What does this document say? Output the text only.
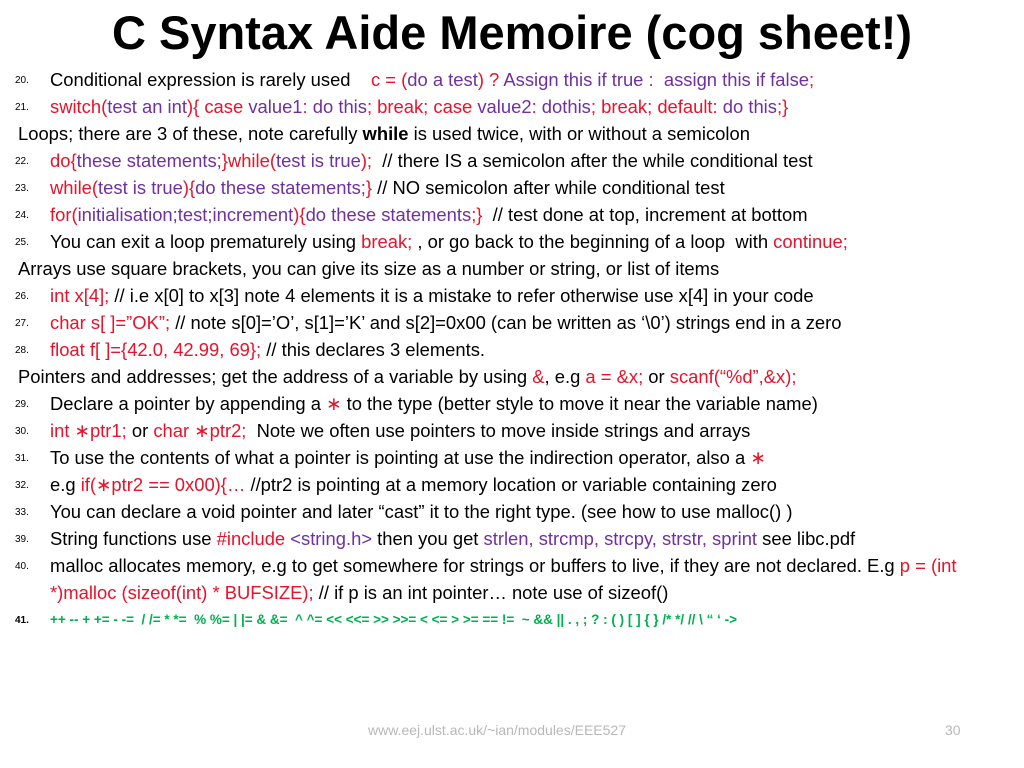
C Syntax Aide Memoire (cog sheet!)
20. Conditional expression is rarely used    c = (do a test) ? Assign this if true :  assign this if false;
21. switch(test an int){ case value1: do this; break; case value2: dothis; break; default: do this;}
Loops; there are 3 of these, note carefully while is used twice, with or without a semicolon
22. do{these statements;}while(test is true);  // there IS a semicolon after the while conditional test
23. while(test is true){do these statements;} // NO semicolon after while conditional test
24. for(initialisation;test;increment){do these statements;}  // test done at top, increment at bottom
25. You can exit a loop prematurely using break; , or go back to the beginning of a loop  with continue;
Arrays use square brackets, you can give its size as a number or string, or list of items
26. int x[4]; // i.e x[0] to x[3] note 4 elements it is a mistake to refer otherwise use x[4] in your code
27. char s[ ]=”OK”; // note s[0]=’O’, s[1]=’K’ and s[2]=0x00 (can be written as ‘\0’) strings end in a zero
28. float f[ ]={42.0, 42.99, 69}; // this declares 3 elements.
Pointers and addresses; get the address of a variable by using &, e.g a = &x; or scanf(“%d”,&x);
29. Declare a pointer by appending a ∗ to the type (better style to move it near the variable name)
30. int ∗ptr1; or char ∗ptr2;  Note we often use pointers to move inside strings and arrays
31. To use the contents of what a pointer is pointing at use the indirection operator, also a ∗
32. e.g if(∗ptr2 == 0x00){… //ptr2 is pointing at a memory location or variable containing zero
33. You can declare a void pointer and later “cast” it to the right type. (see how to use malloc() )
39. String functions use #include <string.h> then you get strlen, strcmp, strcpy, strstr, sprint see libc.pdf
40. malloc allocates memory, e.g to get somewhere for strings or buffers to live, if they are not declared. E.g p = (int *)malloc (sizeof(int) * BUFSIZE); // if p is an int pointer… note use of sizeof()
41. ++ -- + += - -=  / /= * *=  % %= | |= & &=  ^ ^= << <<= >> >>= < <= > >= == !=  ~ && || . , ; ? : ( ) [ ] { } /* */ // \ “ ‘ ->
www.eej.ulst.ac.uk/~ian/modules/EEE527	30
